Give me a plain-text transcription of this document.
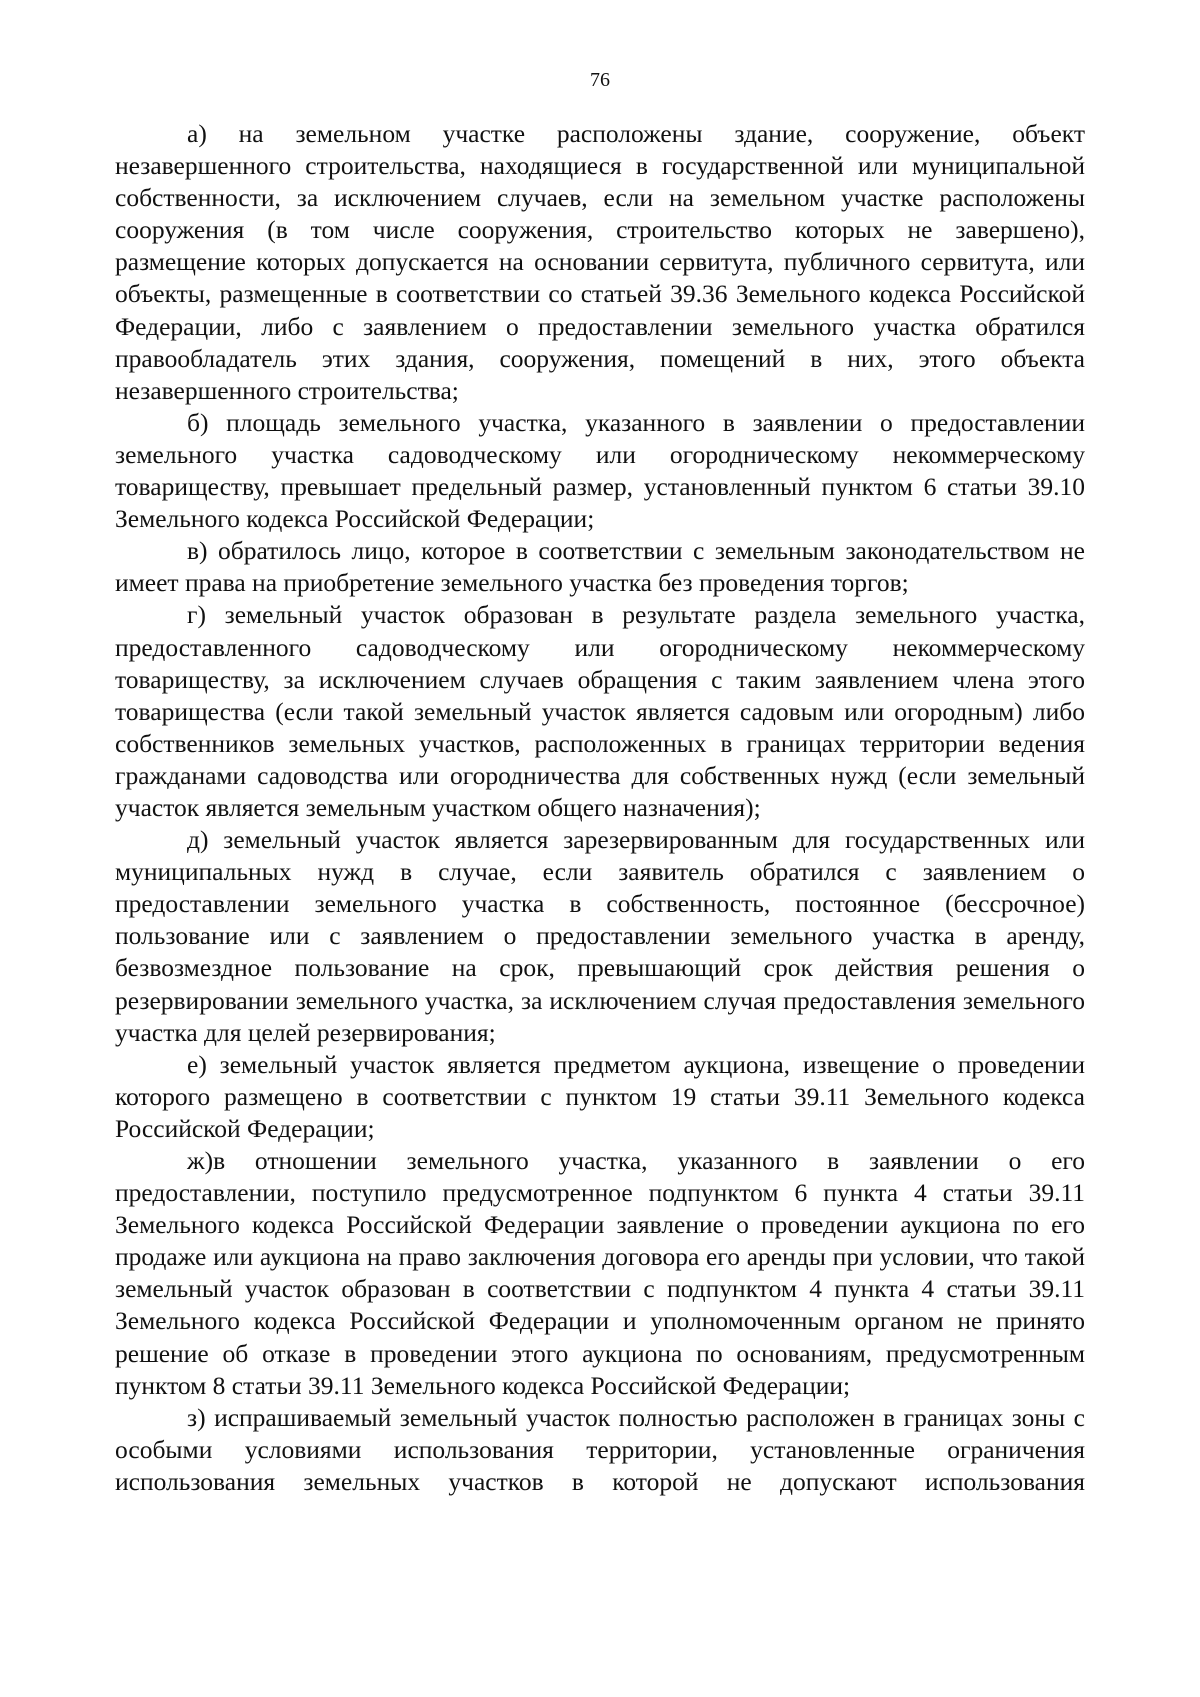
76

а) на земельном участке расположены здание, сооружение, объект незавершенного строительства, находящиеся в государственной или муниципальной собственности, за исключением случаев, если на земельном участке расположены сооружения (в том числе сооружения, строительство которых не завершено), размещение которых допускается на основании сервитута, публичного сервитута, или объекты, размещенные в соответствии со статьей 39.36 Земельного кодекса Российской Федерации, либо с заявлением о предоставлении земельного участка обратился правообладатель этих здания, сооружения, помещений в них, этого объекта незавершенного строительства;

б) площадь земельного участка, указанного в заявлении о предоставлении земельного участка садоводческому или огородническому некоммерческому товариществу, превышает предельный размер, установленный пунктом 6 статьи 39.10 Земельного кодекса Российской Федерации;

в) обратилось лицо, которое в соответствии с земельным законодательством не имеет права на приобретение земельного участка без проведения торгов;

г) земельный участок образован в результате раздела земельного участка, предоставленного садоводческому или огородническому некоммерческому товариществу, за исключением случаев обращения с таким заявлением члена этого товарищества (если такой земельный участок является садовым или огородным) либо собственников земельных участков, расположенных в границах территории ведения гражданами садоводства или огородничества для собственных нужд (если земельный участок является земельным участком общего назначения);

д) земельный участок является зарезервированным для государственных или муниципальных нужд в случае, если заявитель обратился с заявлением о предоставлении земельного участка в собственность, постоянное (бессрочное) пользование или с заявлением о предоставлении земельного участка в аренду, безвозмездное пользование на срок, превышающий срок действия решения о резервировании земельного участка, за исключением случая предоставления земельного участка для целей резервирования;

е) земельный участок является предметом аукциона, извещение о проведении которого размещено в соответствии с пунктом 19 статьи 39.11 Земельного кодекса Российской Федерации;

ж)в отношении земельного участка, указанного в заявлении о его предоставлении, поступило предусмотренное подпунктом 6 пункта 4 статьи 39.11 Земельного кодекса Российской Федерации заявление о проведении аукциона по его продаже или аукциона на право заключения договора его аренды при условии, что такой земельный участок образован в соответствии с подпунктом 4 пункта 4 статьи 39.11 Земельного кодекса Российской Федерации и уполномоченным органом не принято решение об отказе в проведении этого аукциона по основаниям, предусмотренным пунктом 8 статьи 39.11 Земельного кодекса Российской Федерации;

з) испрашиваемый земельный участок полностью расположен в границах зоны с особыми условиями использования территории, установленные ограничения использования земельных участков в которой не допускают использования
